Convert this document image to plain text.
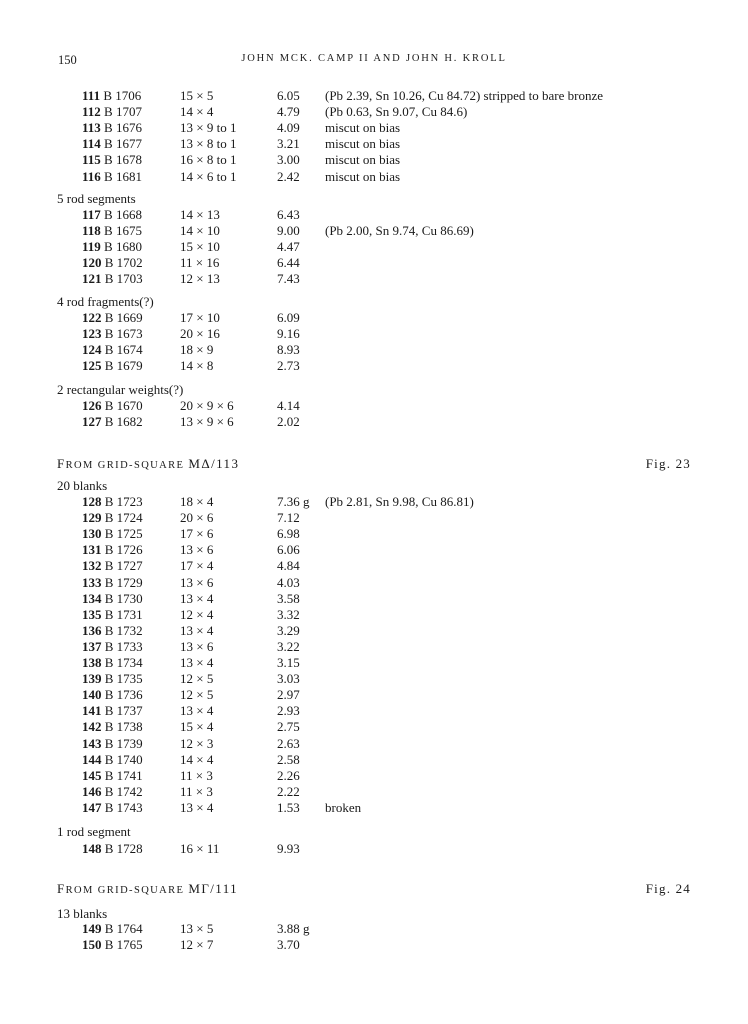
150	JOHN MCK. CAMP II AND JOHN H. KROLL
111 B 1706	15 × 5	6.05 (Pb 2.39, Sn 10.26, Cu 84.72) stripped to bare bronze
112 B 1707	14 × 4	4.79 (Pb 0.63, Sn 9.07, Cu 84.6)
113 B 1676	13 × 9 to 1	4.09 miscut on bias
114 B 1677	13 × 8 to 1	3.21 miscut on bias
115 B 1678	16 × 8 to 1	3.00 miscut on bias
116 B 1681	14 × 6 to 1	2.42 miscut on bias
5 rod segments
117 B 1668	14 × 13	6.43
118 B 1675	14 × 10	9.00 (Pb 2.00, Sn 9.74, Cu 86.69)
119 B 1680	15 × 10	4.47
120 B 1702	11 × 16	6.44
121 B 1703	12 × 13	7.43
4 rod fragments(?)
122 B 1669	17 × 10	6.09
123 B 1673	20 × 16	9.16
124 B 1674	18 × 9	8.93
125 B 1679	14 × 8	2.73
2 rectangular weights(?)
126 B 1670	20 × 9 × 6	4.14
127 B 1682	13 × 9 × 6	2.02
FROM GRID-SQUARE MΔ/113	Fig. 23
20 blanks
128 B 1723	18 × 4	7.36 g (Pb 2.81, Sn 9.98, Cu 86.81)
129 B 1724	20 × 6	7.12
130 B 1725	17 × 6	6.98
131 B 1726	13 × 6	6.06
132 B 1727	17 × 4	4.84
133 B 1729	13 × 6	4.03
134 B 1730	13 × 4	3.58
135 B 1731	12 × 4	3.32
136 B 1732	13 × 4	3.29
137 B 1733	13 × 6	3.22
138 B 1734	13 × 4	3.15
139 B 1735	12 × 5	3.03
140 B 1736	12 × 5	2.97
141 B 1737	13 × 4	2.93
142 B 1738	15 × 4	2.75
143 B 1739	12 × 3	2.63
144 B 1740	14 × 4	2.58
145 B 1741	11 × 3	2.26
146 B 1742	11 × 3	2.22
147 B 1743	13 × 4	1.53 broken
1 rod segment
148 B 1728	16 × 11	9.93
FROM GRID-SQUARE MΓ/111	Fig. 24
13 blanks
149 B 1764	13 × 5	3.88 g
150 B 1765	12 × 7	3.70
